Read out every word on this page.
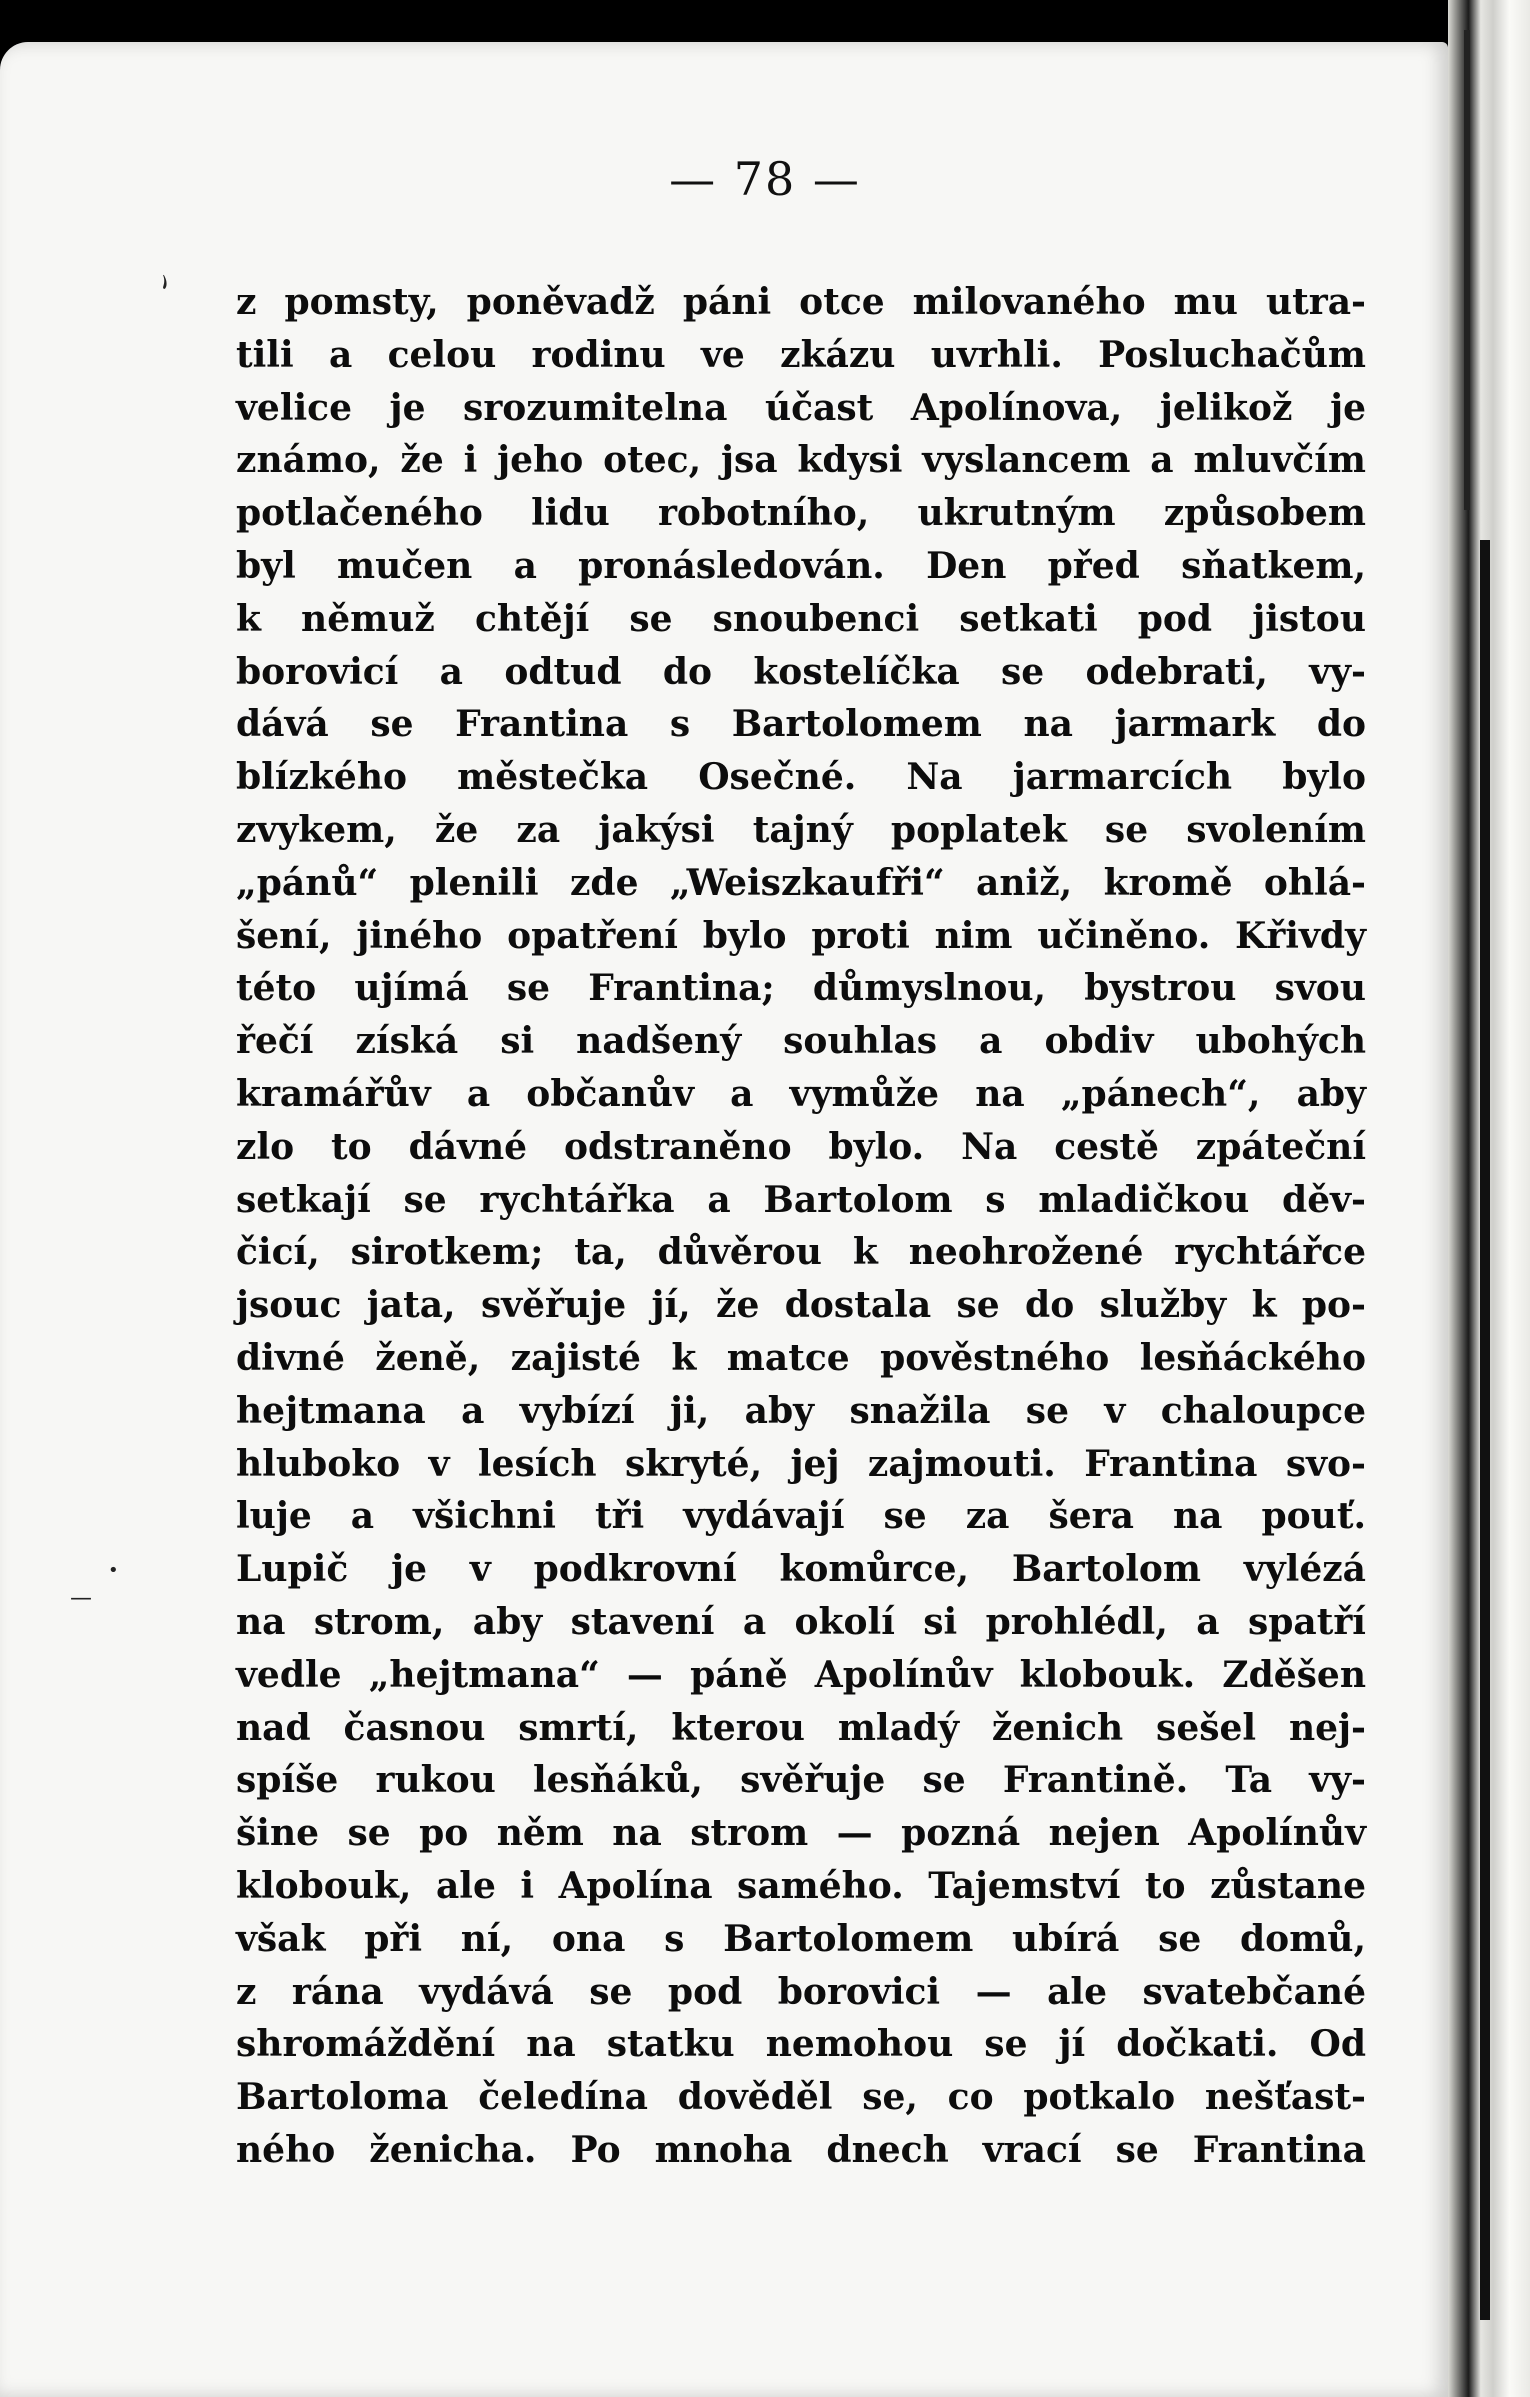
— 78 —
z pomsty, poněvadž páni otce milovaného mu utra-
tili a celou rodinu ve zkázu uvrhli. Posluchačům
velice je srozumitelna účast Apolínova, jelikož je
známo, že i jeho otec, jsa kdysi vyslancem a mluvčím
potlačeného lidu robotního, ukrutným způsobem
byl mučen a pronásledován. Den před sňatkem,
k němuž chtějí se snoubenci setkati pod jistou
borovicí a odtud do kostelíčka se odebrati, vy-
dává se Frantina s Bartolomem na jarmark do
blízkého městečka Osečné. Na jarmarcích bylo
zvykem, že za jakýsi tajný poplatek se svolením
„pánů“ plenili zde „Weiszkaufři“ aniž, kromě ohlá-
šení, jiného opatření bylo proti nim učiněno. Křivdy
této ujímá se Frantina; důmyslnou, bystrou svou
řečí získá si nadšený souhlas a obdiv ubohých
kramářův a občanův a vymůže na „pánech“, aby
zlo to dávné odstraněno bylo. Na cestě zpáteční
setkají se rychtářka a Bartolom s mladičkou děv-
čicí, sirotkem; ta, důvěrou k neohrožené rychtářce
jsouc jata, svěřuje jí, že dostala se do služby k po-
divné ženě, zajisté k matce pověstného lesňáckého
hejtmana a vybízí ji, aby snažila se v chaloupce
hluboko v lesích skryté, jej zajmouti. Frantina svo-
luje a všichni tři vydávají se za šera na pouť.
Lupič je v podkrovní komůrce, Bartolom vylézá
na strom, aby stavení a okolí si prohlédl, a spatří
vedle „hejtmana“ — páně Apolínův klobouk. Zděšen
nad časnou smrtí, kterou mladý ženich sešel nej-
spíše rukou lesňáků, svěřuje se Frantině. Ta vy-
šine se po něm na strom — pozná nejen Apolínův
klobouk, ale i Apolína samého. Tajemství to zůstane
však při ní, ona s Bartolomem ubírá se domů,
z rána vydává se pod borovici — ale svatebčané
shromáždění na statku nemohou se jí dočkati. Od
Bartoloma čeledína dověděl se, co potkalo nešťast-
ného ženicha. Po mnoha dnech vrací se Frantina
ヽ
•
—
